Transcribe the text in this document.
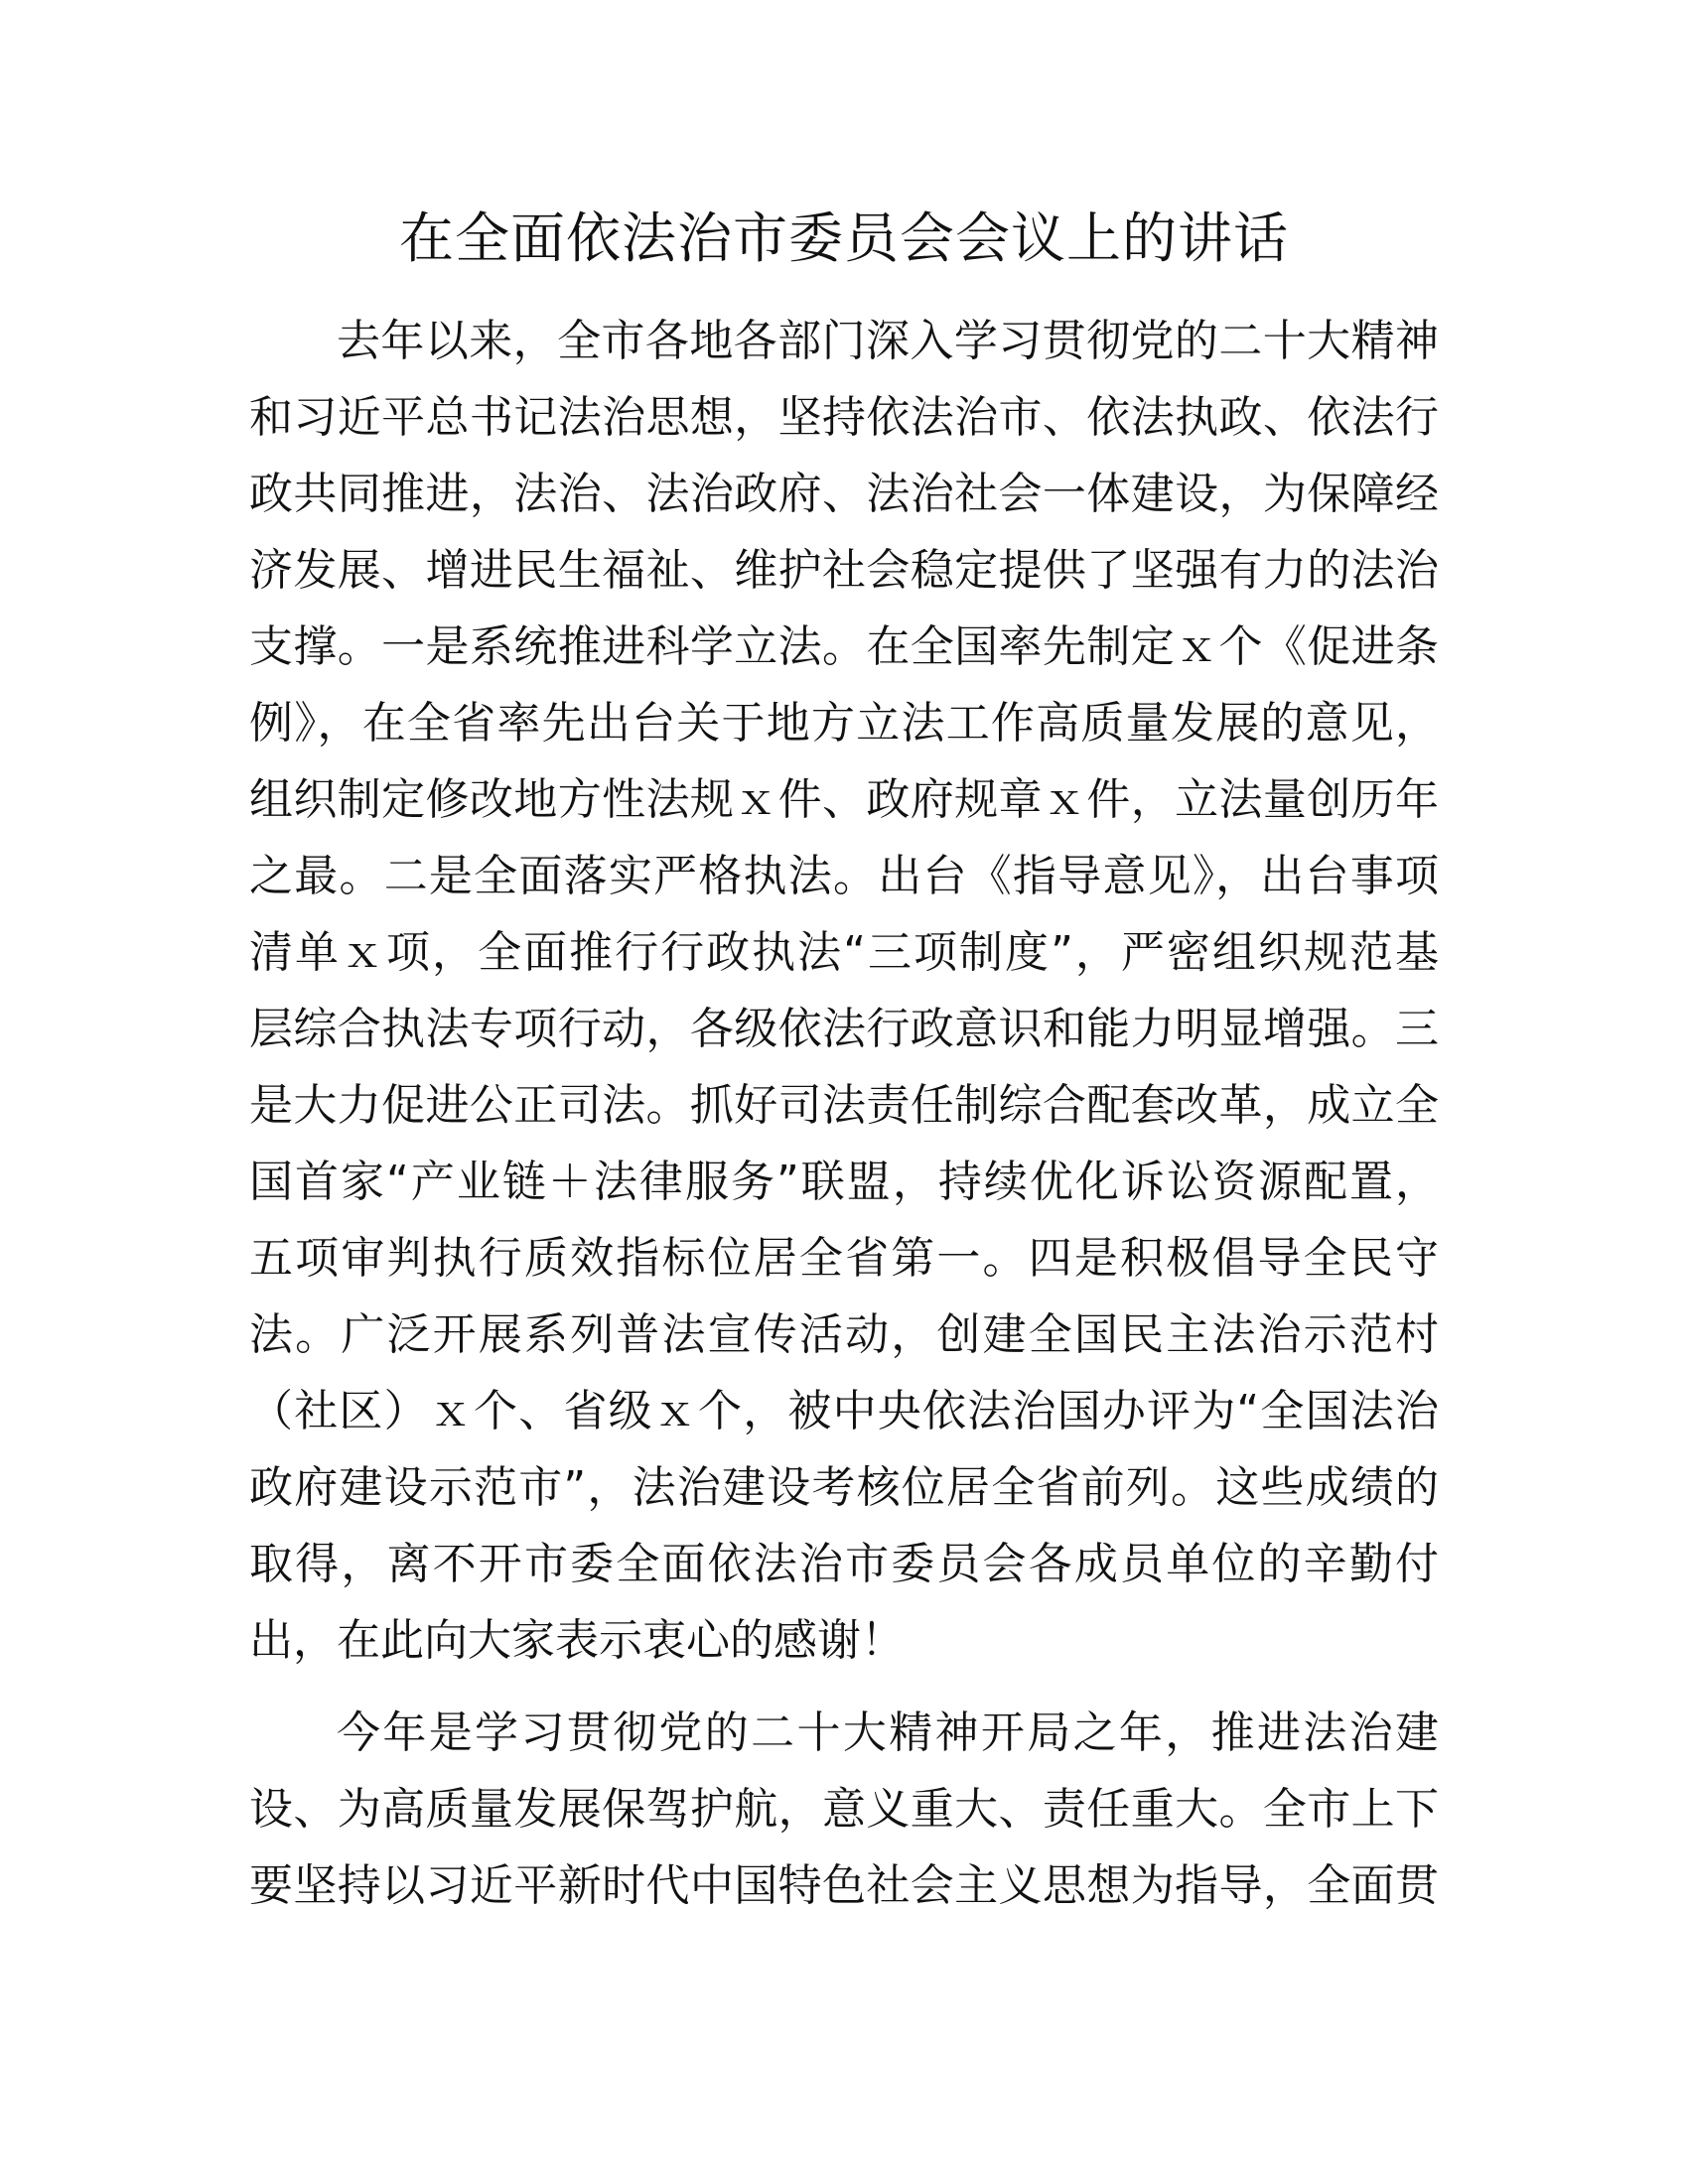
在全面依法治市委员会会议上的讲话

去年以来，全市各地各部门深入学习贯彻党的二十大精神
和习近平总书记法治思想，坚持依法治市、依法执政、依法行
政共同推进，法治、法治政府、法治社会一体建设，为保障经
济发展、增进民生福祉、维护社会稳定提供了坚强有力的法治
支撑。一是系统推进科学立法。在全国率先制定ｘ个《促进条
例》，在全省率先出台关于地方立法工作高质量发展的意见，
组织制定修改地方性法规ｘ件、政府规章ｘ件，立法量创历年
之最。二是全面落实严格执法。出台《指导意见》，出台事项
清单ｘ项，全面推行行政执法“三项制度”，严密组织规范基
层综合执法专项行动，各级依法行政意识和能力明显增强。三
是大力促进公正司法。抓好司法责任制综合配套改革，成立全
国首家“产业链＋法律服务”联盟，持续优化诉讼资源配置，
五项审判执行质效指标位居全省第一。四是积极倡导全民守
法。广泛开展系列普法宣传活动，创建全国民主法治示范村
（社区）ｘ个、省级ｘ个，被中央依法治国办评为“全国法治
政府建设示范市”，法治建设考核位居全省前列。这些成绩的
取得，离不开市委全面依法治市委员会各成员单位的辛勤付
出，在此向大家表示衷心的感谢！

今年是学习贯彻党的二十大精神开局之年，推进法治建
设、为高质量发展保驾护航，意义重大、责任重大。全市上下
要坚持以习近平新时代中国特色社会主义思想为指导，全面贯
